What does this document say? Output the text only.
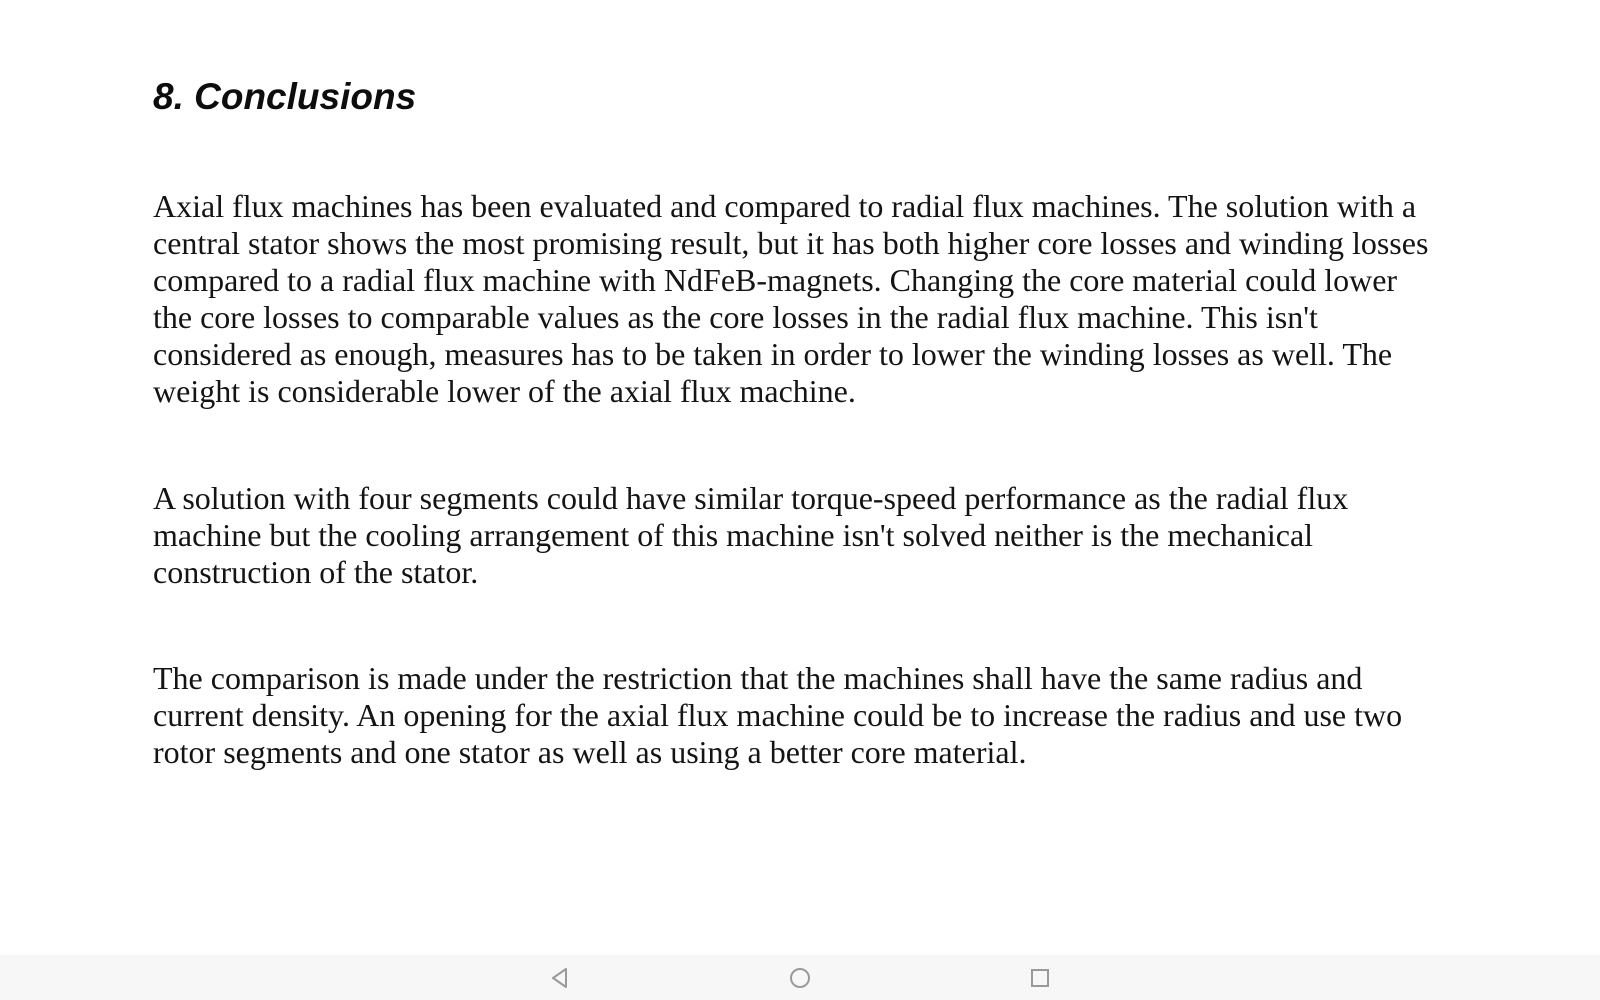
8. Conclusions

Axial flux machines has been evaluated and compared to radial flux machines. The solution with a
central stator shows the most promising result, but it has both higher core losses and winding losses
compared to a radial flux machine with NdFeB-magnets. Changing the core material could lower
the core losses to comparable values as the core losses in the radial flux machine. This isn't
considered as enough, measures has to be taken in order to lower the winding losses as well. The
weight is considerable lower of the axial flux machine.

A solution with four segments could have similar torque-speed performance as the radial flux
machine but the cooling arrangement of this machine isn't solved neither is the mechanical
construction of the stator.

The comparison is made under the restriction that the machines shall have the same radius and
current density. An opening for the axial flux machine could be to increase the radius and use two
rotor segments and one stator as well as using a better core material.
